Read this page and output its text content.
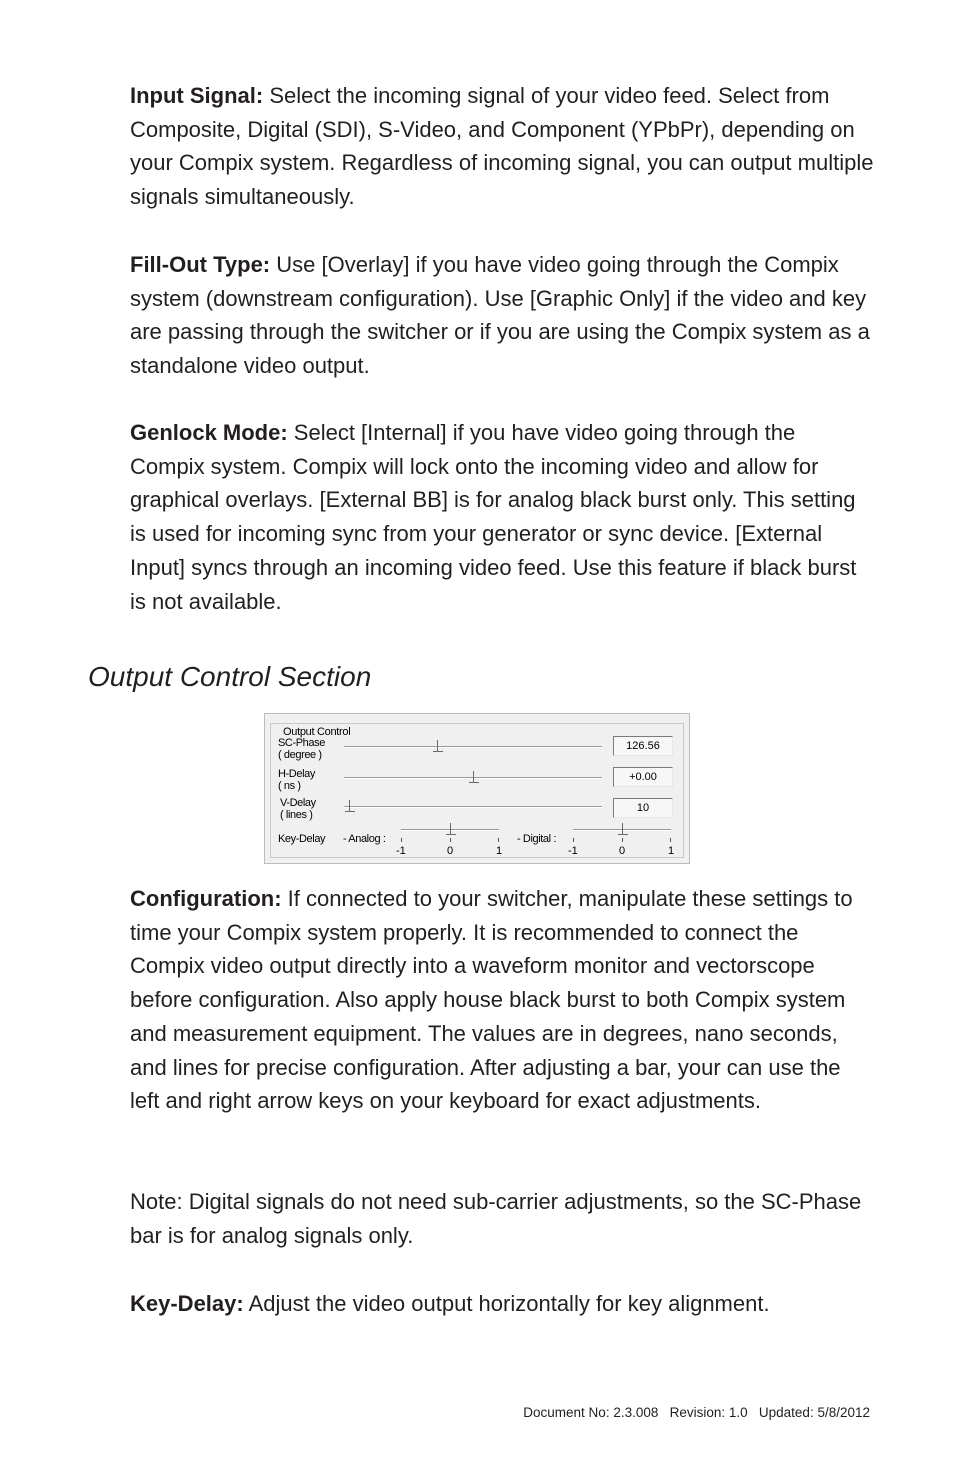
Input Signal: Select the incoming signal of your video feed. Select from Composite, Digital (SDI), S-Video, and Component (YPbPr), depending on your Compix system. Regardless of incoming signal, you can output multiple signals simultaneously.

Fill-Out Type: Use [Overlay] if you have video going through the Compix system (downstream configuration). Use [Graphic Only] if the video and key are passing through the switcher or if you are using the Compix system as a standalone video output.

Genlock Mode: Select [Internal] if you have video going through the Compix system. Compix will lock onto the incoming video and allow for graphical overlays. [External BB] is for analog black burst only. This setting is used for incoming sync from your generator or sync device. [External Input] syncs through an incoming video feed. Use this feature if black burst is not available.

Output Control Section
Output Control
SC-Phase
( degree )
126.56
H-Delay
( ns )
+0.00
V-Delay
( lines )
10
Key-Delay - Analog :
-1	0	1
- Digital :
-1	0	1

Configuration: If connected to your switcher, manipulate these settings to time your Compix system properly. It is recommended to connect the Compix video output directly into a waveform monitor and vectorscope before configuration. Also apply house black burst to both Compix system and measurement equipment. The values are in degrees, nano seconds, and lines for precise configuration. After adjusting a bar, your can use the left and right arrow keys on your keyboard for exact adjustments.

Note: Digital signals do not need sub-carrier adjustments, so the SC-Phase bar is for analog signals only.

Key-Delay: Adjust the video output horizontally for key alignment.

Document No: 2.3.008   Revision: 1.0   Updated: 5/8/2012
